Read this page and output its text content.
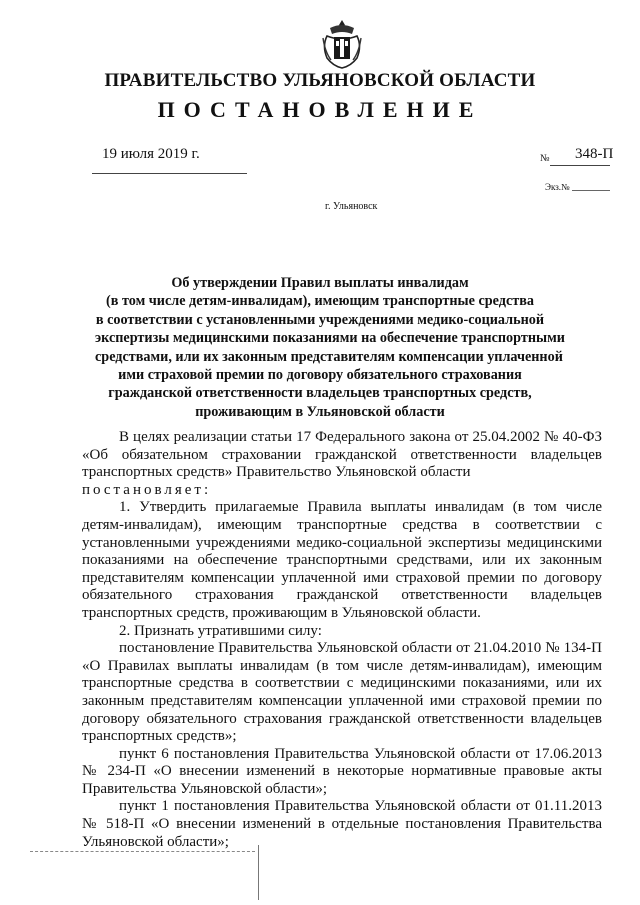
ПРАВИТЕЛЬСТВО УЛЬЯНОВСКОЙ ОБЛАСТИ
ПОСТАНОВЛЕНИЕ
19 июля 2019 г.	№ 348-П
Экз.№
г. Ульяновск
Об утверждении Правил выплаты инвалидам
(в том числе детям-инвалидам), имеющим транспортные средства
в соответствии с установленными учреждениями медико-социальной
экспертизы медицинскими показаниями на обеспечение транспортными
средствами, или их законным представителям компенсации уплаченной
ими страховой премии по договору обязательного страхования
гражданской ответственности владельцев транспортных средств,
проживающим в Ульяновской области

В целях реализации статьи 17 Федерального закона от 25.04.2002 № 40-ФЗ «Об обязательном страховании гражданской ответственности владельцев транспортных средств» Правительство Ульяновской области

постановляет:

1. Утвердить прилагаемые Правила выплаты инвалидам (в том числе детям-инвалидам), имеющим транспортные средства в соответствии с установленными учреждениями медико-социальной экспертизы медицинскими показаниями на обеспечение транспортными средствами, или их законным представителям компенсации уплаченной ими страховой премии по договору обязательного страхования гражданской ответственности владельцев транспортных средств, проживающим в Ульяновской области.

2. Признать утратившими силу:

постановление Правительства Ульяновской области от 21.04.2010 № 134-П «О Правилах выплаты инвалидам (в том числе детям-инвалидам), имеющим транспортные средства в соответствии с медицинскими показаниями, или их законным представителям компенсации уплаченной ими страховой премии по договору обязательного страхования гражданской ответственности владельцев транспортных средств»;

пункт 6 постановления Правительства Ульяновской области от 17.06.2013 № 234-П «О внесении изменений в некоторые нормативные правовые акты Правительства Ульяновской области»;

пункт 1 постановления Правительства Ульяновской области от 01.11.2013 № 518-П «О внесении изменений в отдельные постановления Правительства Ульяновской области»;
